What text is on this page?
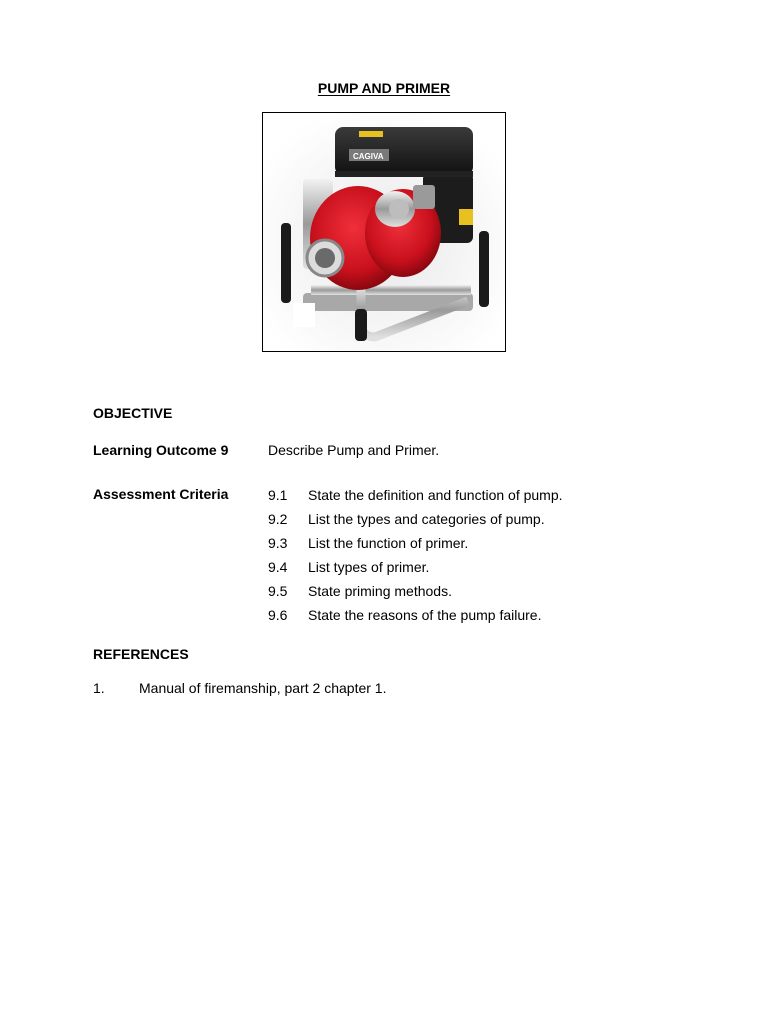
PUMP AND PRIMER
CAGIVA
OBJECTIVE
Learning Outcome 9	Describe Pump and Primer.
Assessment Criteria	9.1	State the definition and function of pump.
9.2	List the types and categories of pump.
9.3	List the function of primer.
9.4	List types of primer.
9.5	State priming methods.
9.6	State the reasons of the pump failure.
REFERENCES
1. Manual of firemanship, part 2 chapter 1.
